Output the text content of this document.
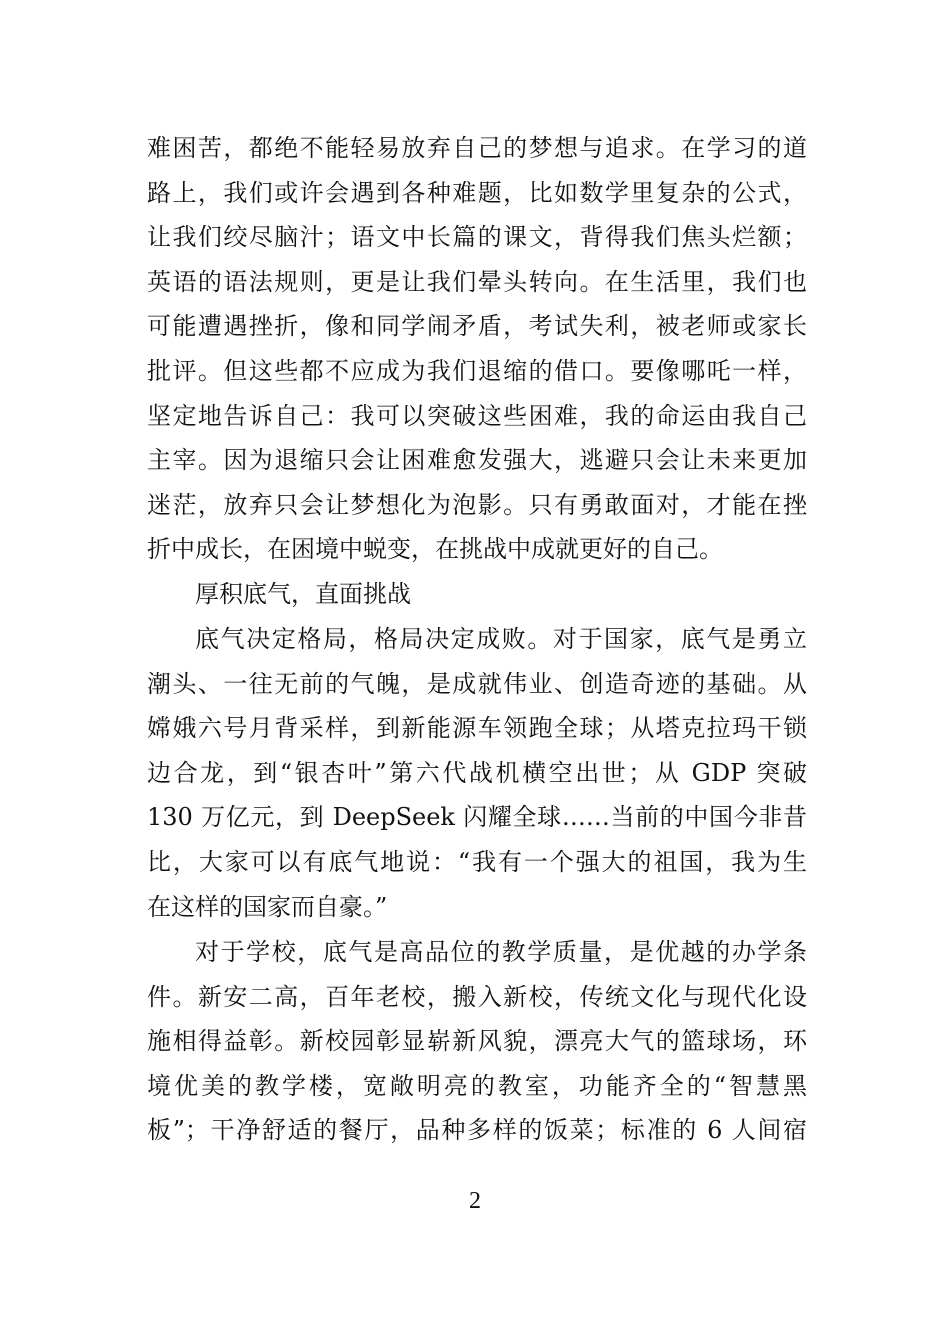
难困苦，都绝不能轻易放弃自己的梦想与追求。在学习的道
路上，我们或许会遇到各种难题，比如数学里复杂的公式，
让我们绞尽脑汁；语文中长篇的课文，背得我们焦头烂额；
英语的语法规则，更是让我们晕头转向。在生活里，我们也
可能遭遇挫折，像和同学闹矛盾，考试失利，被老师或家长
批评。但这些都不应成为我们退缩的借口。要像哪吒一样，
坚定地告诉自己：我可以突破这些困难，我的命运由我自己
主宰。因为退缩只会让困难愈发强大，逃避只会让未来更加
迷茫，放弃只会让梦想化为泡影。只有勇敢面对，才能在挫
折中成长，在困境中蜕变，在挑战中成就更好的自己。
厚积底气，直面挑战
底气决定格局，格局决定成败。对于国家，底气是勇立
潮头、一往无前的气魄，是成就伟业、创造奇迹的基础。从
嫦娥六号月背采样，到新能源车领跑全球；从塔克拉玛干锁
边合龙，到“银杏叶”第六代战机横空出世；从 GDP 突破
130 万亿元，到 DeepSeek 闪耀全球……当前的中国今非昔
比，大家可以有底气地说：“我有一个强大的祖国，我为生
在这样的国家而自豪。”
对于学校，底气是高品位的教学质量，是优越的办学条
件。新安二高，百年老校，搬入新校，传统文化与现代化设
施相得益彰。新校园彰显崭新风貌，漂亮大气的篮球场，环
境优美的教学楼，宽敞明亮的教室，功能齐全的“智慧黑
板”；干净舒适的餐厅，品种多样的饭菜；标准的 6 人间宿
2
